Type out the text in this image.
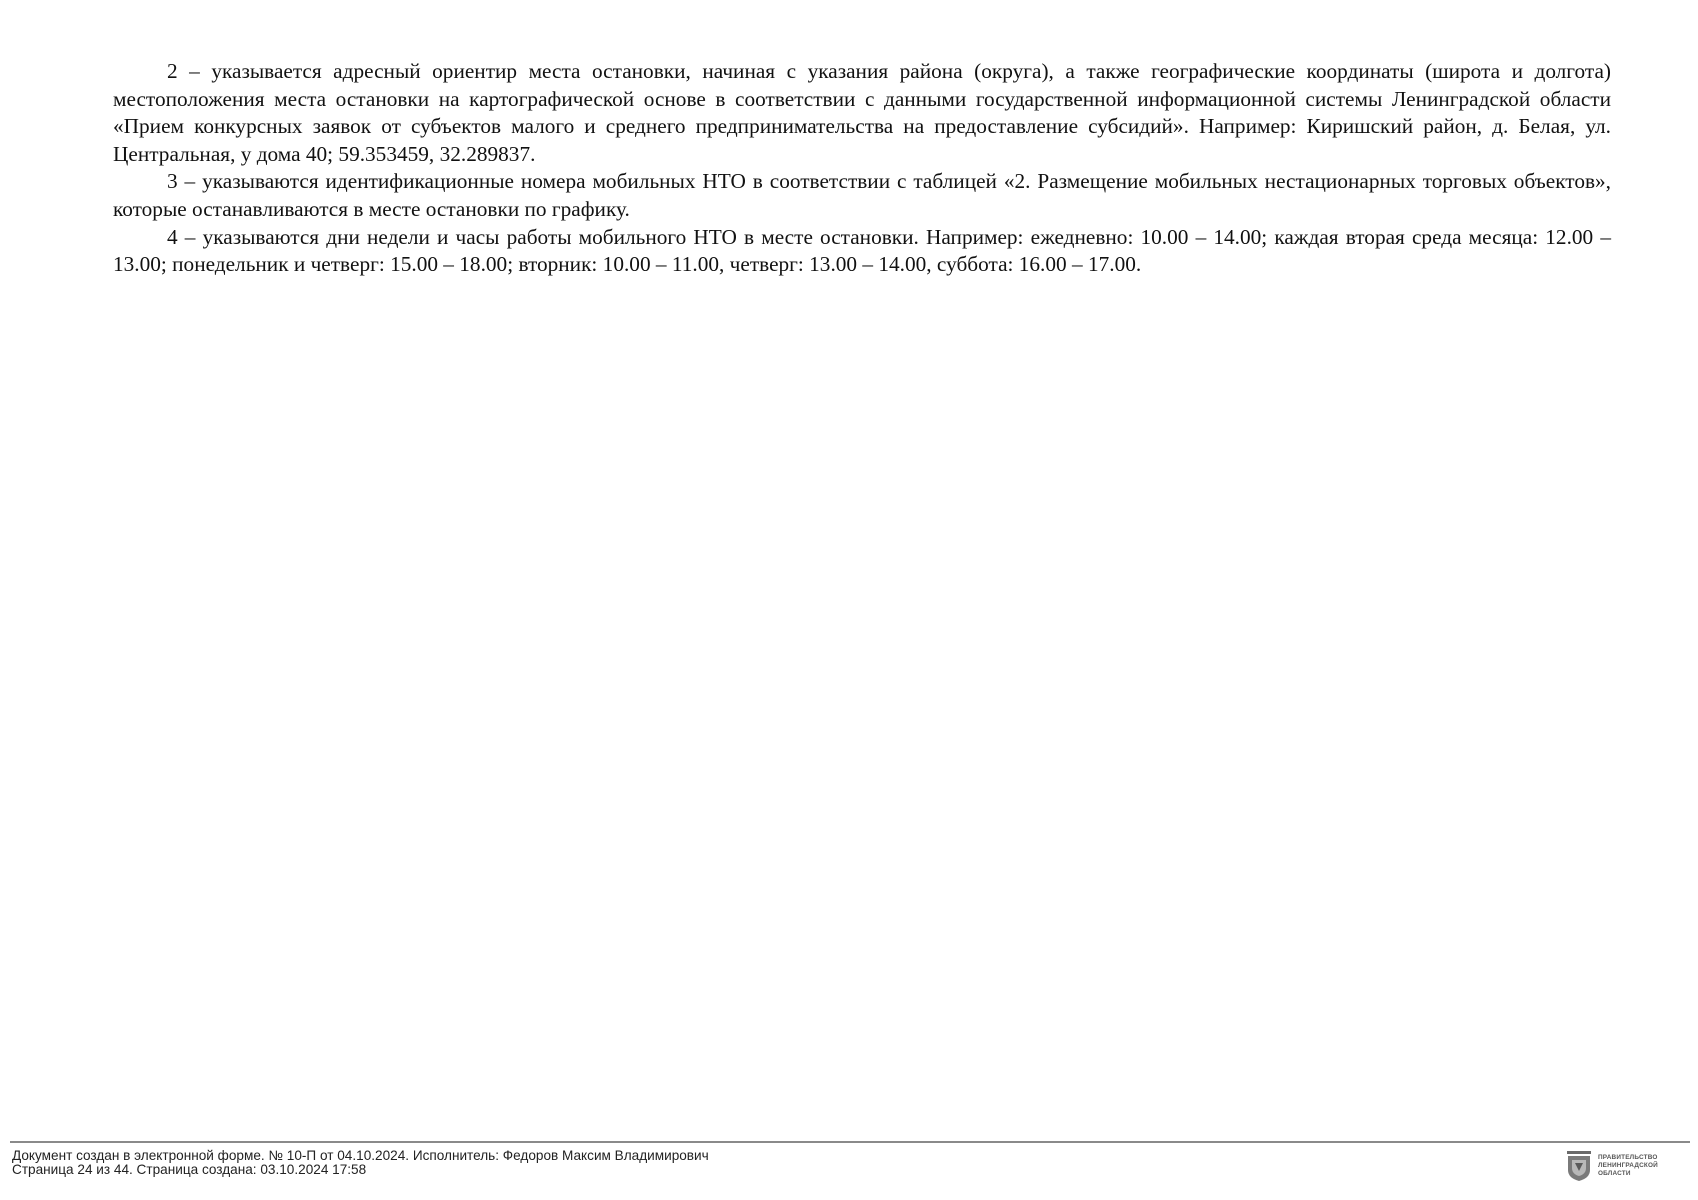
2 – указывается адресный ориентир места остановки, начиная с указания района (округа), а также географические координаты (широта и долгота) местоположения места остановки на картографической основе в соответствии с данными государственной информационной системы Ленинградской области «Прием конкурсных заявок от субъектов малого и среднего предпринимательства на предоставление субсидий». Например: Киришский район, д. Белая, ул. Центральная, у дома 40; 59.353459, 32.289837.

3 – указываются идентификационные номера мобильных НТО в соответствии с таблицей «2. Размещение мобильных нестационарных торговых объектов», которые останавливаются в месте остановки по графику.

4 – указываются дни недели и часы работы мобильного НТО в месте остановки. Например: ежедневно: 10.00 – 14.00; каждая вторая среда месяца: 12.00 – 13.00; понедельник и четверг: 15.00 – 18.00; вторник: 10.00 – 11.00, четверг: 13.00 – 14.00, суббота: 16.00 – 17.00.

Документ создан в электронной форме. № 10-П от 04.10.2024. Исполнитель: Федоров Максим Владимирович
Страница 24 из 44. Страница создана: 03.10.2024 17:58
ПРАВИТЕЛЬСТВО
ЛЕНИНГРАДСКОЙ
ОБЛАСТИ
